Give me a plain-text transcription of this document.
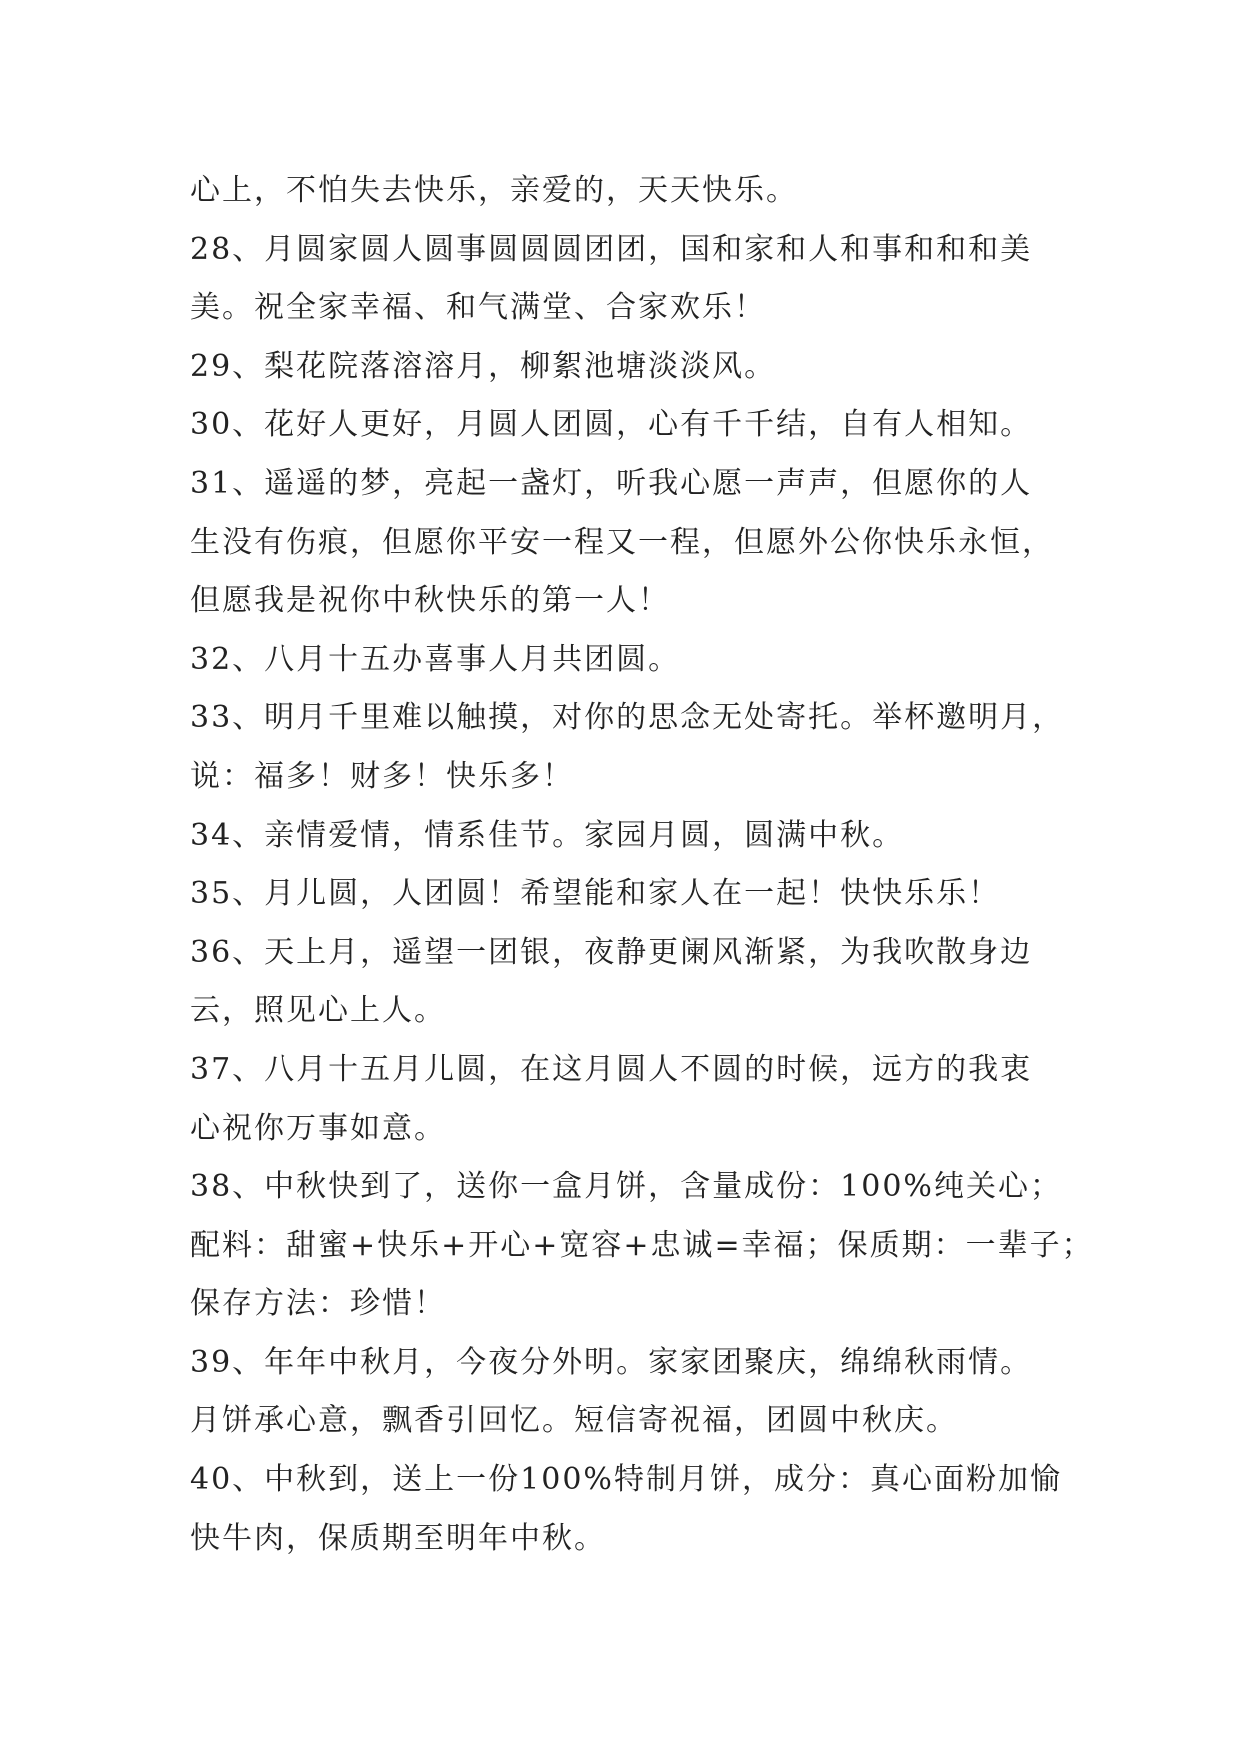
心上，不怕失去快乐，亲爱的，天天快乐。
28、月圆家圆人圆事圆圆圆团团，国和家和人和事和和和美
美。祝全家幸福、和气满堂、合家欢乐！
29、梨花院落溶溶月，柳絮池塘淡淡风。
30、花好人更好，月圆人团圆，心有千千结，自有人相知。
31、遥遥的梦，亮起一盏灯，听我心愿一声声，但愿你的人
生没有伤痕，但愿你平安一程又一程，但愿外公你快乐永恒，
但愿我是祝你中秋快乐的第一人！
32、八月十五办喜事人月共团圆。
33、明月千里难以触摸，对你的思念无处寄托。举杯邀明月，
说：福多！财多！快乐多！
34、亲情爱情，情系佳节。家园月圆，圆满中秋。
35、月儿圆，人团圆！希望能和家人在一起！快快乐乐！
36、天上月，遥望一团银，夜静更阑风渐紧，为我吹散身边
云，照见心上人。
37、八月十五月儿圆，在这月圆人不圆的时候，远方的我衷
心祝你万事如意。
38、中秋快到了，送你一盒月饼，含量成份：100%纯关心；
配料：甜蜜+快乐+开心+宽容+忠诚=幸福；保质期：一辈子；
保存方法：珍惜！
39、年年中秋月，今夜分外明。家家团聚庆，绵绵秋雨情。
月饼承心意，飘香引回忆。短信寄祝福，团圆中秋庆。
40、中秋到，送上一份100%特制月饼，成分：真心面粉加愉
快牛肉，保质期至明年中秋。
